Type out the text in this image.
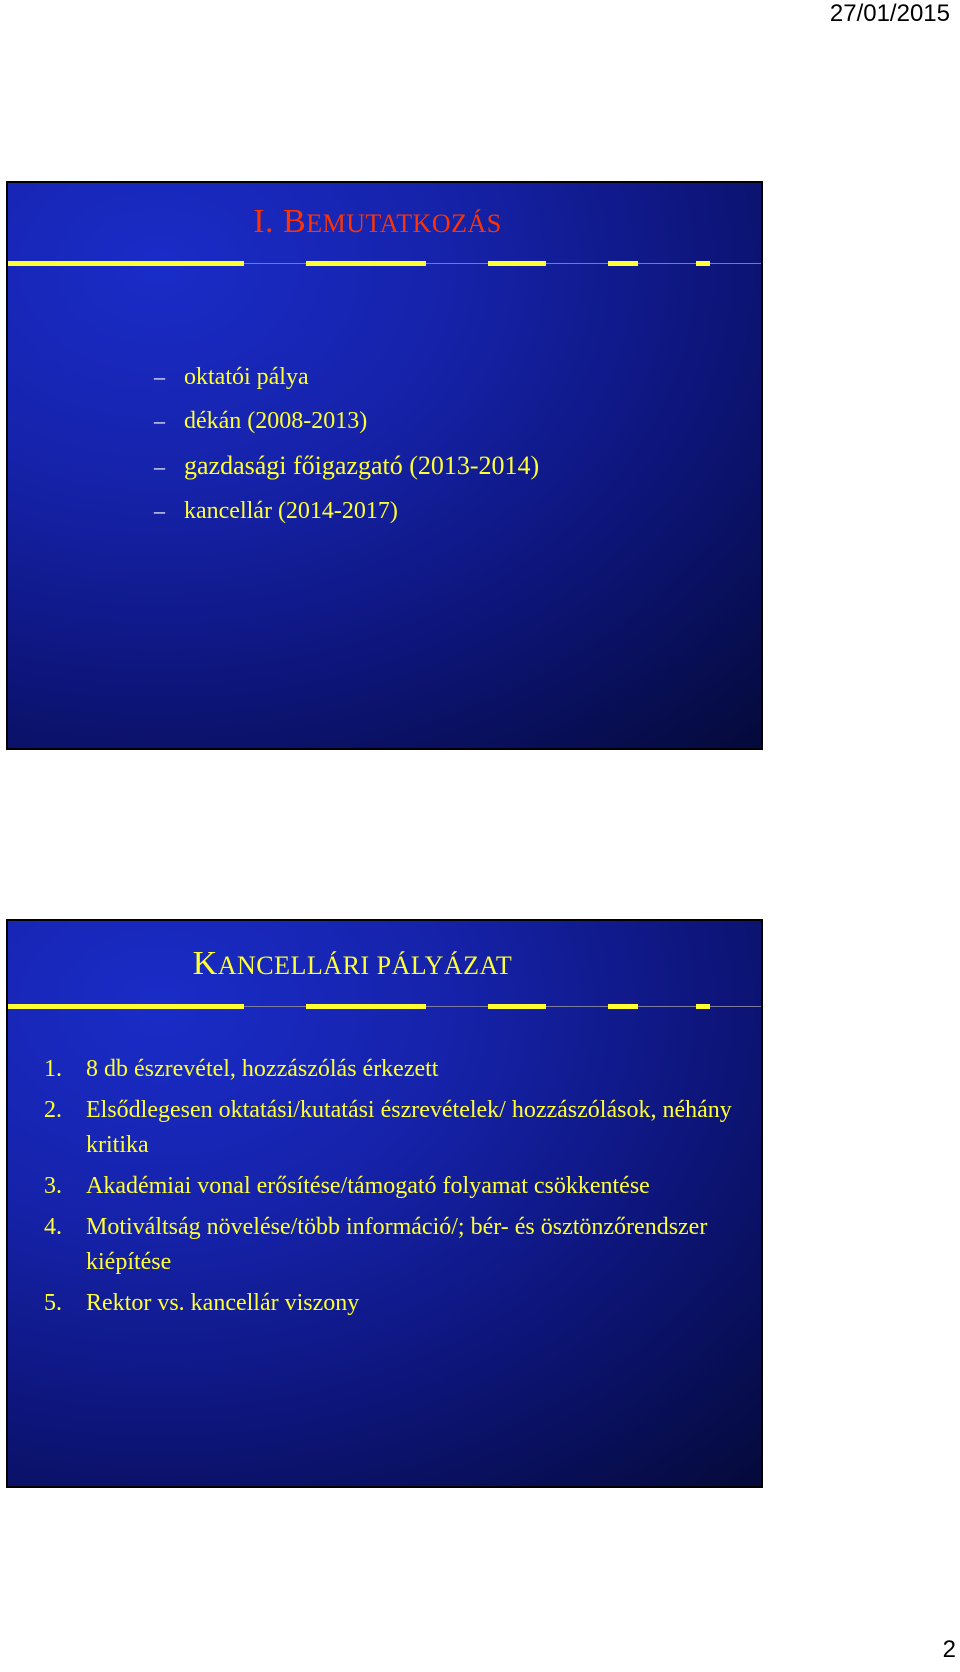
27/01/2015
I. BEMUTATKOZÁS
– oktatói pálya
– dékán (2008-2013)
– gazdasági főigazgató (2013-2014)
– kancellár (2014-2017)
KANCELLÁRI PÁLYÁZAT
1.	8 db észrevétel, hozzászólás érkezett
2.	Elsődlegesen oktatási/kutatási észrevételek/ hozzászólások, néhány kritika
3.	Akadémiai vonal erősítése/támogató folyamat csökkentése
4.	Motiváltság növelése/több információ/; bér- és ösztönzőrendszer kiépítése
5.	Rektor vs. kancellár viszony
2
